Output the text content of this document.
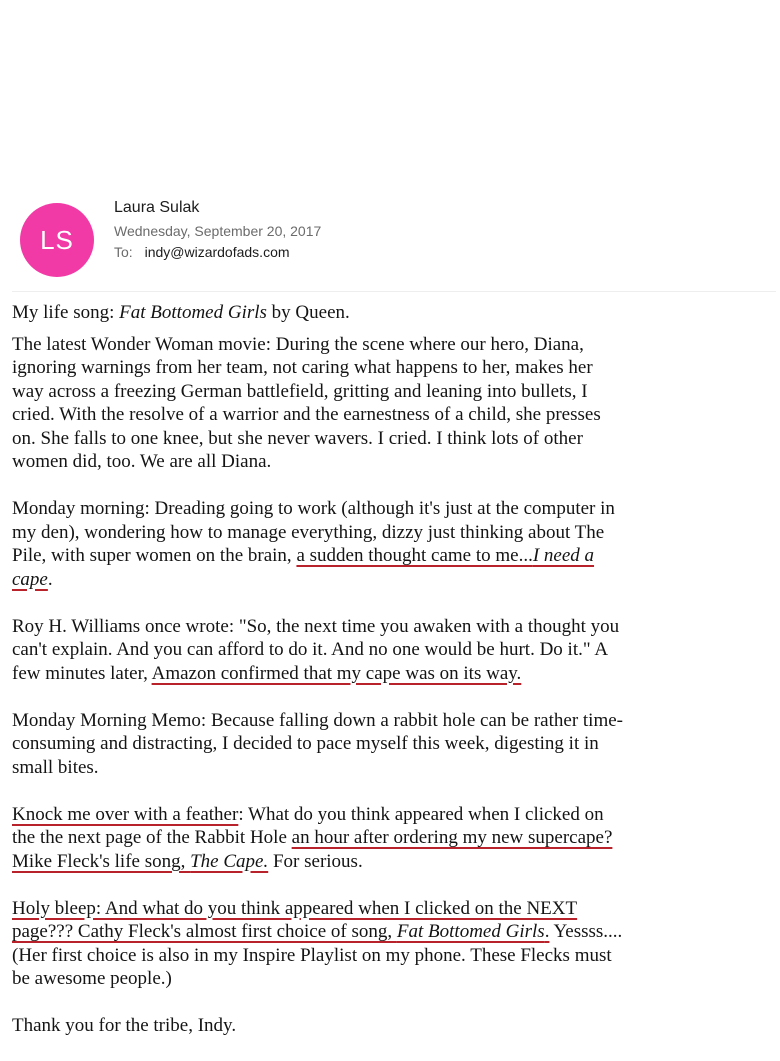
LS
Laura Sulak
Wednesday, September 20, 2017
To: indy@wizardofads.com

My life song: Fat Bottomed Girls by Queen.

The latest Wonder Woman movie: During the scene where our hero, Diana,
ignoring warnings from her team, not caring what happens to her, makes her
way across a freezing German battlefield, gritting and leaning into bullets, I
cried. With the resolve of a warrior and the earnestness of a child, she presses
on. She falls to one knee, but she never wavers. I cried. I think lots of other
women did, too. We are all Diana.

Monday morning: Dreading going to work (although it's just at the computer in
my den), wondering how to manage everything, dizzy just thinking about The
Pile, with super women on the brain, a sudden thought came to me...I need a
cape.

Roy H. Williams once wrote: "So, the next time you awaken with a thought you
can't explain. And you can afford to do it. And no one would be hurt. Do it." A
few minutes later, Amazon confirmed that my cape was on its way.

Monday Morning Memo: Because falling down a rabbit hole can be rather time-
consuming and distracting, I decided to pace myself this week, digesting it in
small bites.

Knock me over with a feather: What do you think appeared when I clicked on
the the next page of the Rabbit Hole an hour after ordering my new supercape?
Mike Fleck's life song, The Cape. For serious.

Holy bleep: And what do you think appeared when I clicked on the NEXT
page??? Cathy Fleck's almost first choice of song, Fat Bottomed Girls. Yessss....
(Her first choice is also in my Inspire Playlist on my phone. These Flecks must
be awesome people.)

Thank you for the tribe, Indy.
